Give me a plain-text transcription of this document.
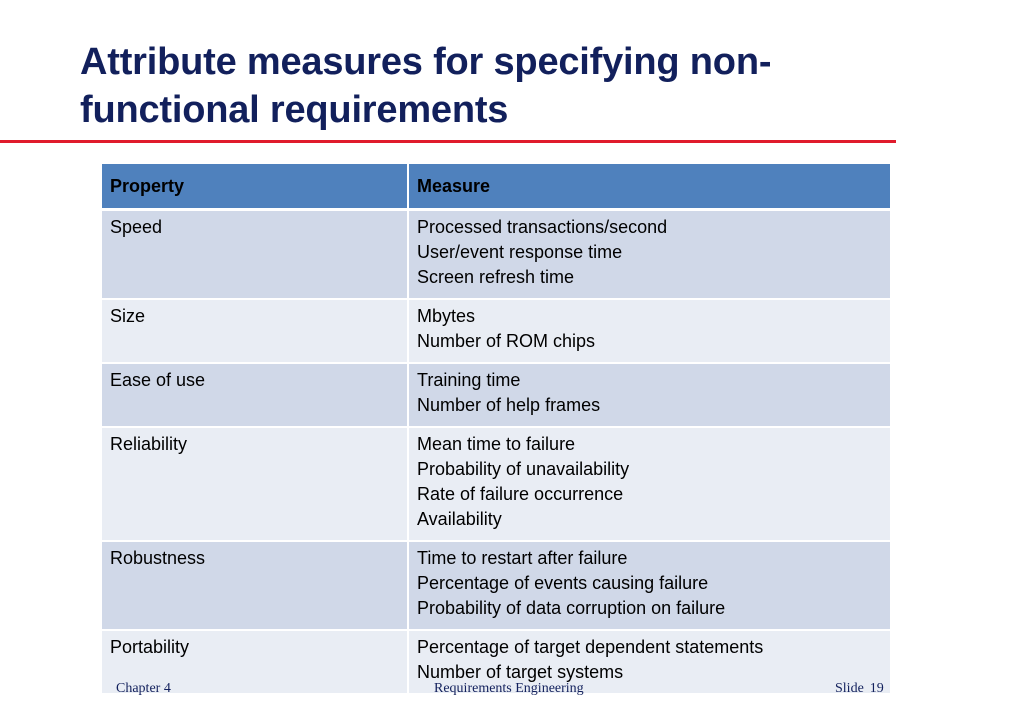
Attribute measures for specifying non-
functional requirements
Property	Measure
Speed	Processed transactions/second
User/event response time
Screen refresh time

Size	Mbytes
Number of ROM chips

Ease of use	Training time
Number of help frames

Reliability	Mean time to failure
Probability of unavailability
Rate of failure occurrence
Availability

Robustness	Time to restart after failure
Percentage of events causing failure
Probability of data corruption on failure

Portability	Percentage of target dependent statements
Number of target systems
Chapter 4	Requirements Engineering	Slide 19
